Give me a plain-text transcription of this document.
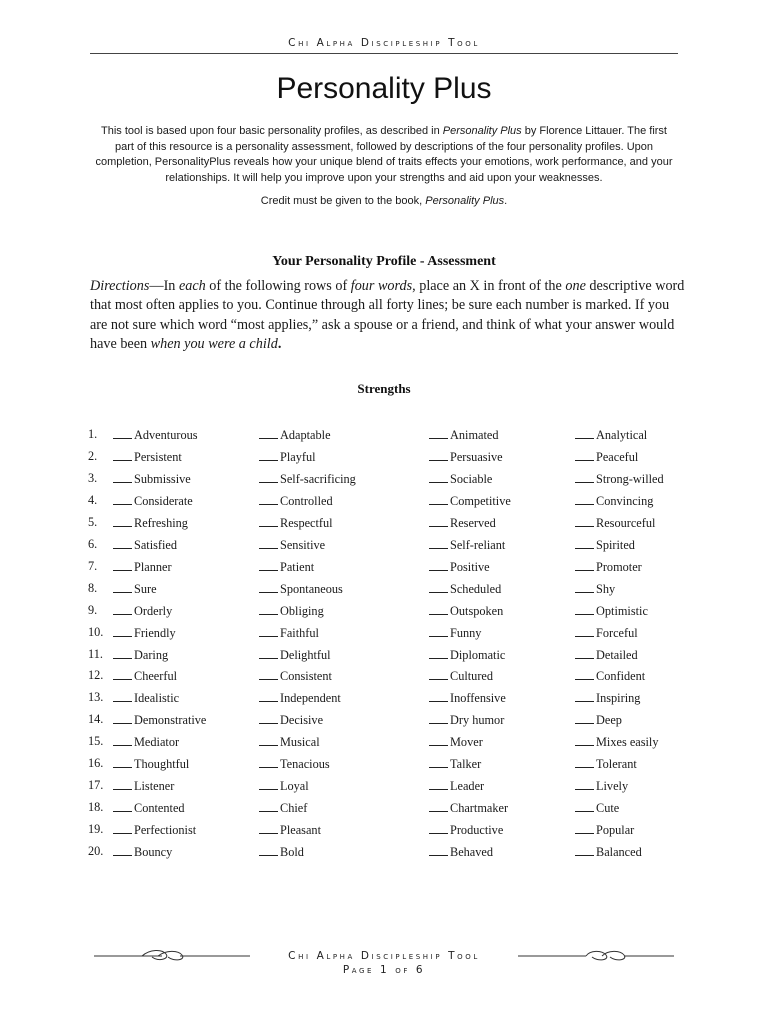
Chi Alpha Discipleship Tool
Personality Plus
This tool is based upon four basic personality profiles, as described in Personality Plus by Florence Littauer. The first part of this resource is a personality assessment, followed by descriptions of the four personality profiles. Upon completion, PersonalityPlus reveals how your unique blend of traits effects your emotions, work performance, and your relationships. It will help you improve upon your strengths and aid upon your weaknesses.
Credit must be given to the book, Personality Plus.
Your Personality Profile - Assessment
Directions—In each of the following rows of four words, place an X in front of the one descriptive word that most often applies to you. Continue through all forty lines; be sure each number is marked. If you are not sure which word “most applies,” ask a spouse or a friend, and think of what your answer would have been when you were a child.
Strengths
1.	Adventurous	Adaptable	Animated	Analytical
2.	Persistent	Playful	Persuasive	Peaceful
3.	Submissive	Self-sacrificing	Sociable	Strong-willed
4.	Considerate	Controlled	Competitive	Convincing
5.	Refreshing	Respectful	Reserved	Resourceful
6.	Satisfied	Sensitive	Self-reliant	Spirited
7.	Planner	Patient	Positive	Promoter
8.	Sure	Spontaneous	Scheduled	Shy
9.	Orderly	Obliging	Outspoken	Optimistic
10.	Friendly	Faithful	Funny	Forceful
11.	Daring	Delightful	Diplomatic	Detailed
12.	Cheerful	Consistent	Cultured	Confident
13.	Idealistic	Independent	Inoffensive	Inspiring
14.	Demonstrative	Decisive	Dry humor	Deep
15.	Mediator	Musical	Mover	Mixes easily
16.	Thoughtful	Tenacious	Talker	Tolerant
17.	Listener	Loyal	Leader	Lively
18.	Contented	Chief	Chartmaker	Cute
19.	Perfectionist	Pleasant	Productive	Popular
20.	Bouncy	Bold	Behaved	Balanced
Chi Alpha Discipleship Tool
Page 1 of 6
